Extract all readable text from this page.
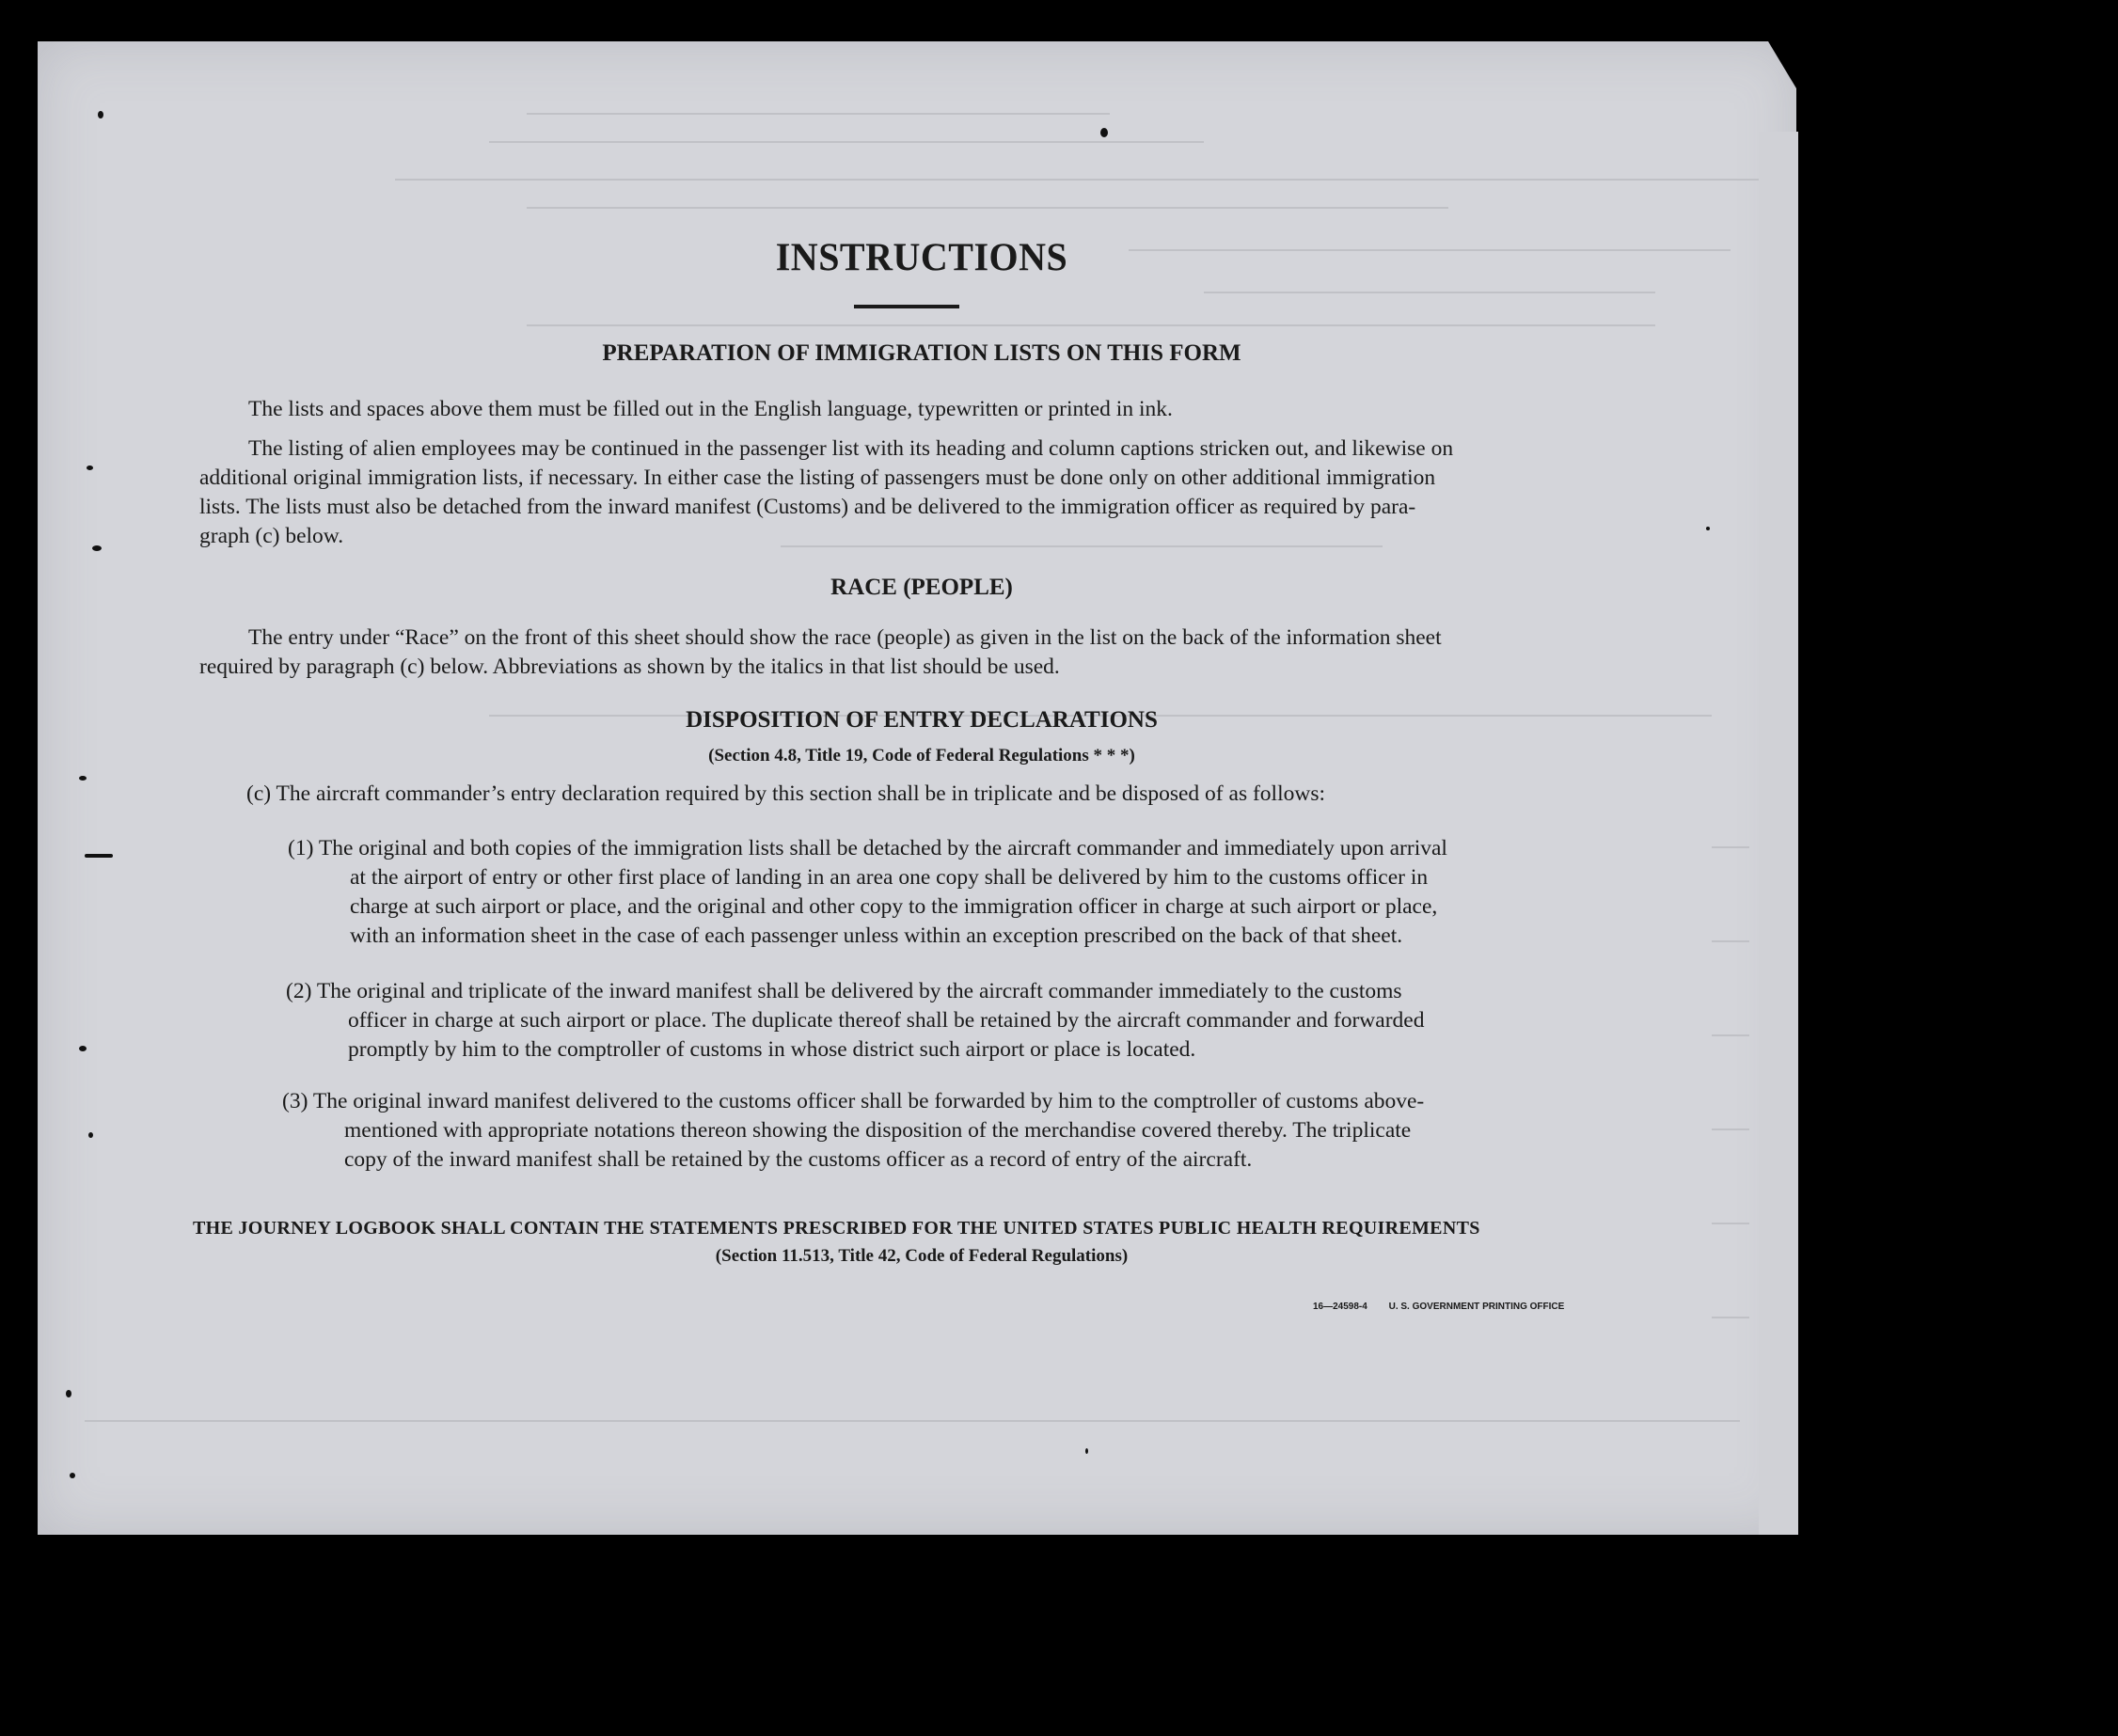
INSTRUCTIONS
PREPARATION OF IMMIGRATION LISTS ON THIS FORM
The lists and spaces above them must be filled out in the English language, typewritten or printed in ink.
The listing of alien employees may be continued in the passenger list with its heading and column captions stricken out, and likewise on
additional original immigration lists, if necessary. In either case the listing of passengers must be done only on other additional immigration
lists. The lists must also be detached from the inward manifest (Customs) and be delivered to the immigration officer as required by para-
graph (c) below.
RACE (PEOPLE)
The entry under “Race” on the front of this sheet should show the race (people) as given in the list on the back of the information sheet
required by paragraph (c) below. Abbreviations as shown by the italics in that list should be used.
DISPOSITION OF ENTRY DECLARATIONS
(Section 4.8, Title 19, Code of Federal Regulations * * *)
(c) The aircraft commander’s entry declaration required by this section shall be in triplicate and be disposed of as follows:
(1) The original and both copies of the immigration lists shall be detached by the aircraft commander and immediately upon arrival
at the airport of entry or other first place of landing in an area one copy shall be delivered by him to the customs officer in
charge at such airport or place, and the original and other copy to the immigration officer in charge at such airport or place,
with an information sheet in the case of each passenger unless within an exception prescribed on the back of that sheet.
(2) The original and triplicate of the inward manifest shall be delivered by the aircraft commander immediately to the customs
officer in charge at such airport or place. The duplicate thereof shall be retained by the aircraft commander and forwarded
promptly by him to the comptroller of customs in whose district such airport or place is located.
(3) The original inward manifest delivered to the customs officer shall be forwarded by him to the comptroller of customs above-
mentioned with appropriate notations thereon showing the disposition of the merchandise covered thereby. The triplicate
copy of the inward manifest shall be retained by the customs officer as a record of entry of the aircraft.
THE JOURNEY LOGBOOK SHALL CONTAIN THE STATEMENTS PRESCRIBED FOR THE UNITED STATES PUBLIC HEALTH REQUIREMENTS
(Section 11.513, Title 42, Code of Federal Regulations)
16—24598-4 U. S. GOVERNMENT PRINTING OFFICE
